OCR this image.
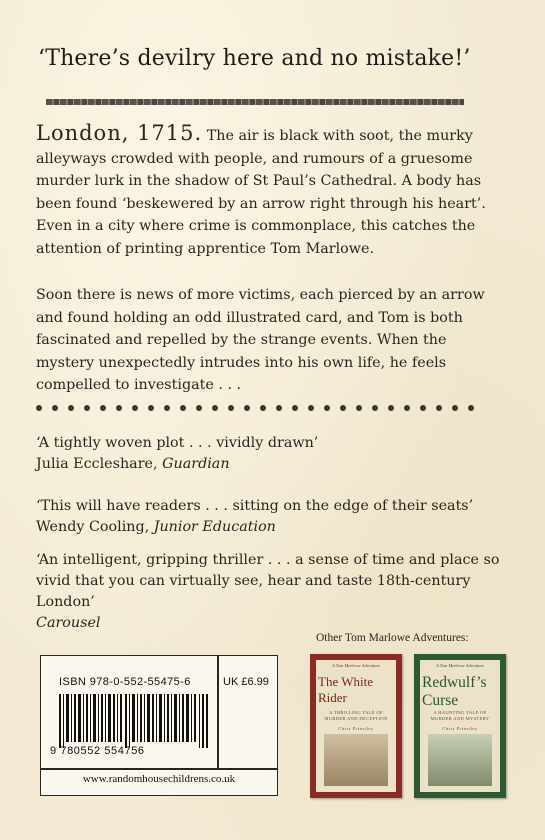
‘There’s devilry here and no mistake!’

London, 1715. The air is black with soot, the murky alleyways crowded with people, and rumours of a gruesome murder lurk in the shadow of St Paul’s Cathedral. A body has been found ‘beskewered by an arrow right through his heart’. Even in a city where crime is commonplace, this catches the attention of printing apprentice Tom Marlowe.

Soon there is news of more victims, each pierced by an arrow and found holding an odd illustrated card, and Tom is both fascinated and repelled by the strange events. When the mystery unexpectedly intrudes into his own life, he feels compelled to investigate . . .

‘A tightly woven plot . . . vividly drawn’
Julia Eccleshare, Guardian
‘This will have readers . . . sitting on the edge of their seats’
Wendy Cooling, Junior Education
‘An intelligent, gripping thriller . . . a sense of time and place so vivid that you can virtually see, hear and taste 18th-century London’
Carousel
Other Tom Marlowe Adventures:
ISBN 978-0-552-55475-6	UK £6.99
9 780552 554756
www.randomhousechildrens.co.uk
A Tom Marlowe Adventure
The White Rider
A THRILLING TALE OF MURDER AND DECEPTION
Chris Priestley
A Tom Marlowe Adventure
Redwulf’s Curse
A HAUNTING TALE OF MURDER AND MYSTERY
Chris Priestley
